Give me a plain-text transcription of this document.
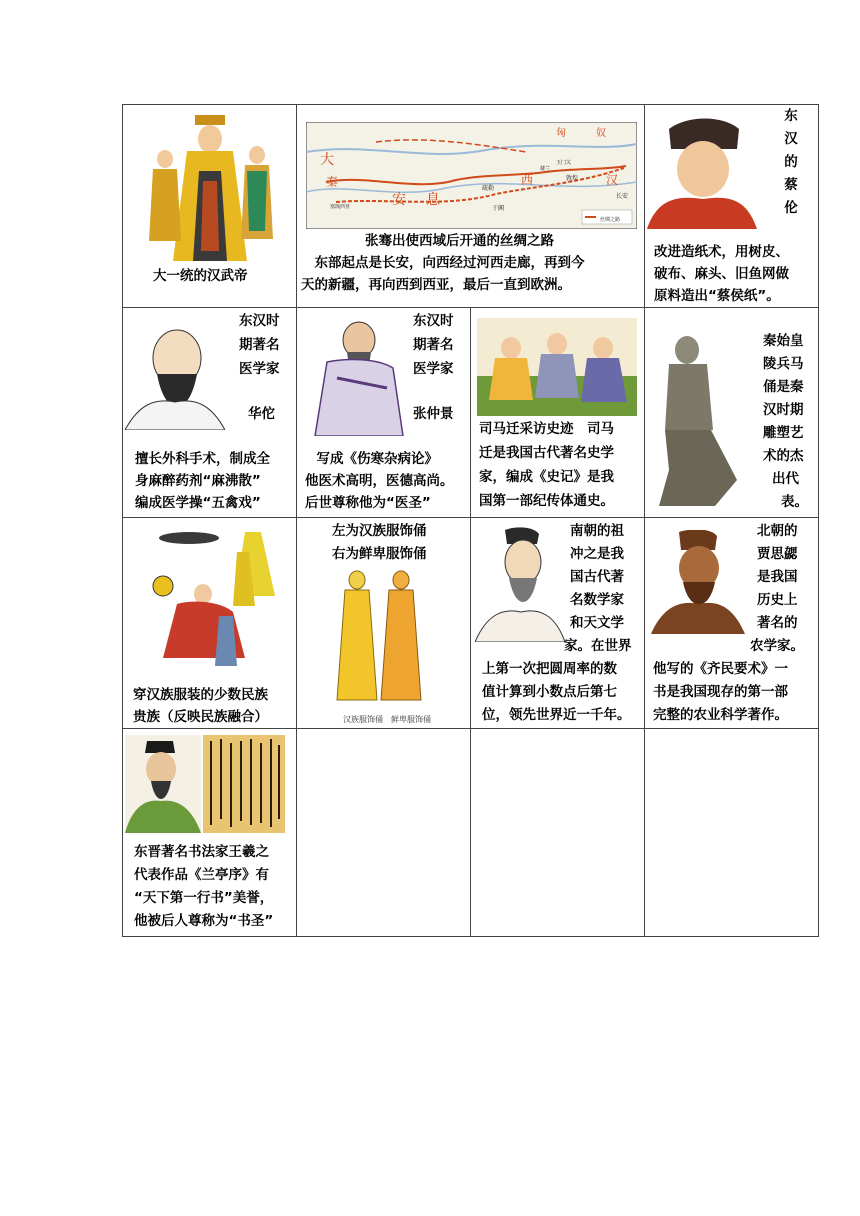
大一统的汉武帝
大
秦
安 息
匈	奴
西	汉
疏勒
于阗
敦煌
长安
丝绸之路
塞琉西亚
楼兰
玉门关
张骞出使西域后开通的丝绸之路
　东部起点是长安，向西经过河西走廊，再到今
天的新疆，再向西到西亚，最后一直到欧洲。
东
汉
的
蔡
伦
改进造纸术，用树皮、
破布、麻头、旧鱼网做
原料造出“蔡侯纸”。
东汉时
期著名
医学家
华佗
擅长外科手术，制成全
身麻醉药剂“麻沸散”
编成医学操“五禽戏”
东汉时
期著名
医学家
张仲景
　写成《伤寒杂病论》
他医术高明，医德高尚。
后世尊称他为“医圣”
司马迁采访史迹　司马
迁是我国古代著名史学
家，编成《史记》是我
国第一部纪传体通史。
秦始皇
陵兵马
俑是秦
汉时期
雕塑艺
术的杰
出代
表。
穿汉族服装的少数民族
贵族（反映民族融合）
左为汉族服饰俑
右为鲜卑服饰俑
汉族服饰俑　鲜卑服饰俑
南朝的祖
冲之是我
国古代著
名数学家
和天文学
家。在世界
上第一次把圆周率的数
值计算到小数点后第七
位，领先世界近一千年。
北朝的
贾思勰
是我国
历史上
著名的
农学家。
他写的《齐民要术》一
书是我国现存的第一部
完整的农业科学著作。
东晋著名书法家王羲之
代表作品《兰亭序》有
“天下第一行书”美誉，
他被后人尊称为“书圣”
